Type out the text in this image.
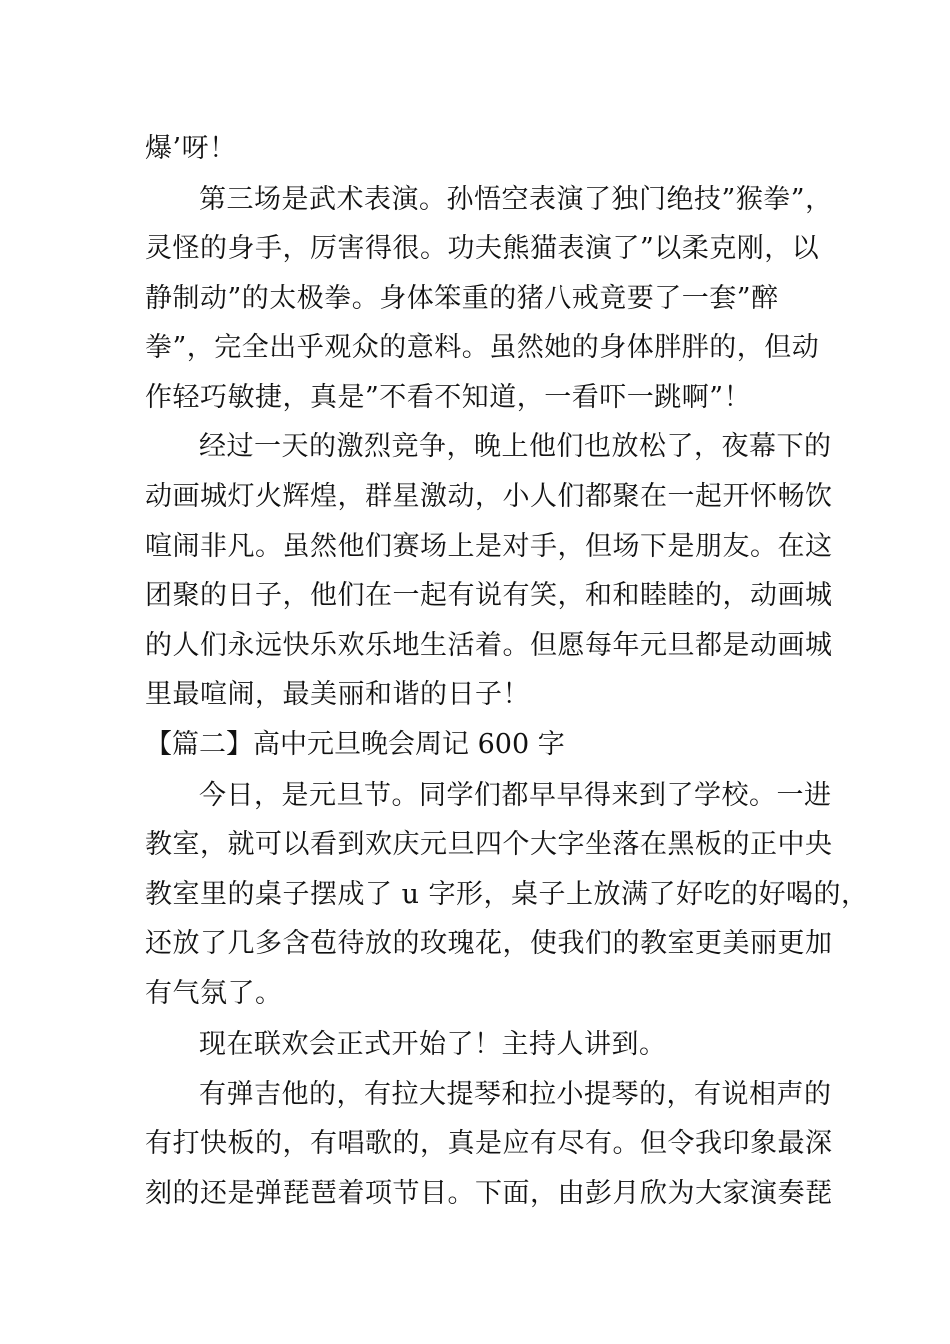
爆’呀！

第三场是武术表演。孙悟空表演了独门绝技”猴拳”，

灵怪的身手，厉害得很。功夫熊猫表演了”以柔克刚，以

静制动”的太极拳。身体笨重的猪八戒竟要了一套”醉

拳”，完全出乎观众的意料。虽然她的身体胖胖的，但动

作轻巧敏捷，真是”不看不知道，一看吓一跳啊”！

经过一天的激烈竞争，晚上他们也放松了，夜幕下的

动画城灯火辉煌，群星激动，小人们都聚在一起开怀畅饮

喧闹非凡。虽然他们赛场上是对手，但场下是朋友。在这

团聚的日子，他们在一起有说有笑，和和睦睦的，动画城

的人们永远快乐欢乐地生活着。但愿每年元旦都是动画城

里最喧闹，最美丽和谐的日子！

【篇二】高中元旦晚会周记 600 字

今日，是元旦节。同学们都早早得来到了学校。一进

教室，就可以看到欢庆元旦四个大字坐落在黑板的正中央

教室里的桌子摆成了 u 字形，桌子上放满了好吃的好喝的，

还放了几多含苞待放的玫瑰花，使我们的教室更美丽更加

有气氛了。

现在联欢会正式开始了！主持人讲到。

有弹吉他的，有拉大提琴和拉小提琴的，有说相声的

有打快板的，有唱歌的，真是应有尽有。但令我印象最深

刻的还是弹琵琶着项节目。下面，由彭月欣为大家演奏琵
